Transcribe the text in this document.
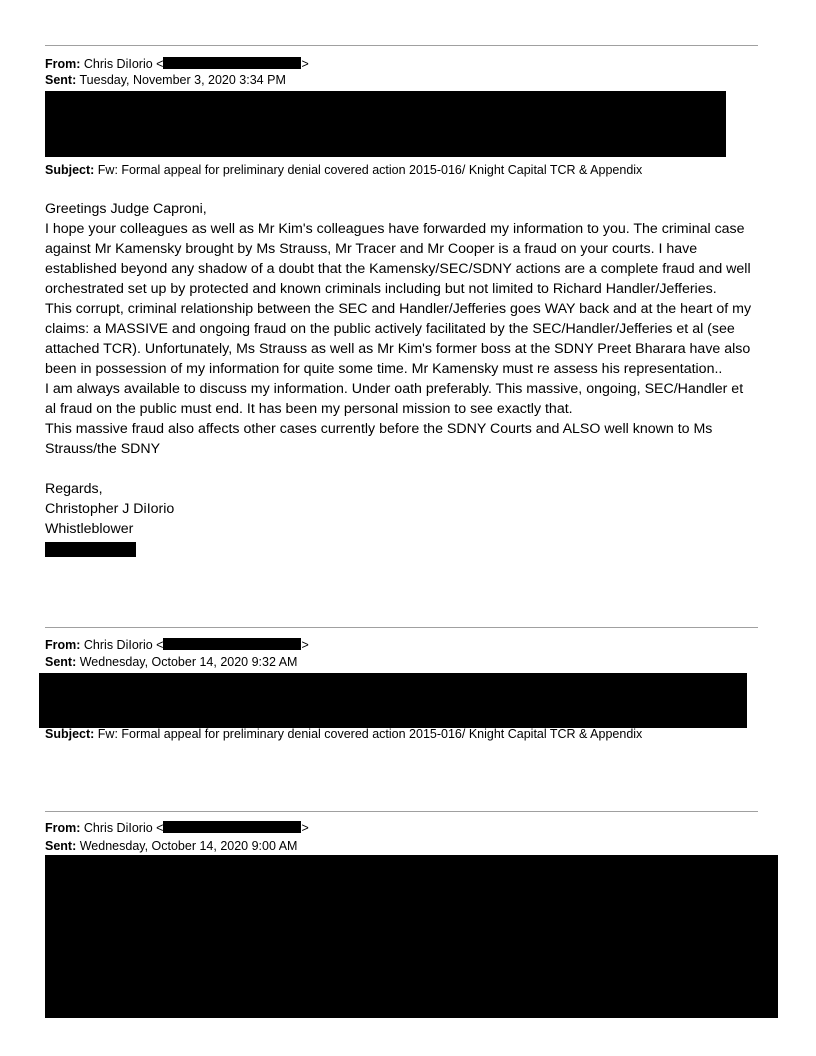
From: Chris DiIorio <	>
Sent: Tuesday, November 3, 2020 3:34 PM
Subject: Fw: Formal appeal for preliminary denial covered action 2015-016/ Knight Capital TCR & Appendix

Greetings Judge Caproni,

I hope your colleagues as well as Mr Kim's colleagues have forwarded my information to you. The criminal case

against Mr Kamensky brought by Ms Strauss, Mr Tracer and Mr Cooper is a fraud on your courts. I have

established beyond any shadow of a doubt that the Kamensky/SEC/SDNY actions are a complete fraud and well

orchestrated set up by protected and known criminals including but not limited to Richard Handler/Jefferies.

This corrupt, criminal relationship between the SEC and Handler/Jefferies goes WAY back and at the heart of my

claims: a MASSIVE and ongoing fraud on the public actively facilitated by the SEC/Handler/Jefferies et al (see

attached TCR). Unfortunately, Ms Strauss as well as Mr Kim's former boss at the SDNY Preet Bharara have also

been in possession of my information for quite some time. Mr Kamensky must re assess his representation..

I am always available to discuss my information. Under oath preferably. This massive, ongoing, SEC/Handler et

al fraud on the public must end. It has been my personal mission to see exactly that.

This massive fraud also affects other cases currently before the SDNY Courts and ALSO well known to Ms

Strauss/the SDNY

Regards,

Christopher J DiIorio

Whistleblower

From: Chris DiIorio <	>
Sent: Wednesday, October 14, 2020 9:32 AM
Subject: Fw: Formal appeal for preliminary denial covered action 2015-016/ Knight Capital TCR & Appendix
From: Chris DiIorio <	>
Sent: Wednesday, October 14, 2020 9:00 AM
